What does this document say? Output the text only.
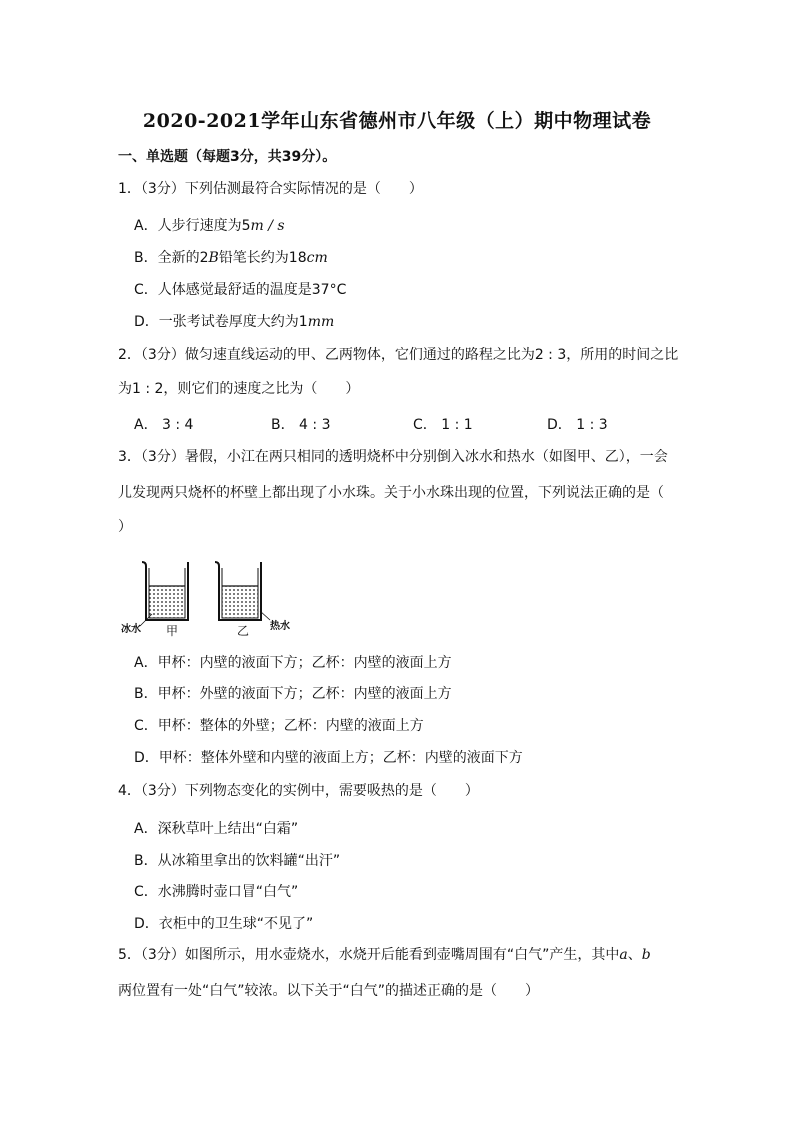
2020-2021学年山东省德州市八年级（上）期中物理试卷
一、单选题（每题3分，共39分）。
1．（3分）下列估测最符合实际情况的是（　　）
A．人步行速度为5m / s
B．全新的2B铅笔长约为18cm
C．人体感觉最舒适的温度是37°C
D．一张考试卷厚度大约为1mm
2．（3分）做匀速直线运动的甲、乙两物体，它们通过的路程之比为2 : 3，所用的时间之比
为1 : 2，则它们的速度之比为（　　）
A． 3 : 4	B． 4 : 3	C． 1 : 1	D． 1 : 3
3．（3分）暑假，小江在两只相同的透明烧杯中分别倒入冰水和热水（如图甲、乙），一会
儿发现两只烧杯的杯壁上都出现了小水珠。关于小水珠出现的位置，下列说法正确的是（
）
冰水 甲	乙 热水
A．甲杯：内壁的液面下方；乙杯：内壁的液面上方
B．甲杯：外壁的液面下方；乙杯：内壁的液面上方
C．甲杯：整体的外壁；乙杯：内壁的液面上方
D．甲杯：整体外壁和内壁的液面上方；乙杯：内壁的液面下方
4．（3分）下列物态变化的实例中，需要吸热的是（　　）
A．深秋草叶上结出“白霜”
B．从冰箱里拿出的饮料罐“出汗”
C．水沸腾时壶口冒“白气”
D．衣柜中的卫生球“不见了”
5．（3分）如图所示，用水壶烧水，水烧开后能看到壶嘴周围有“白气”产生，其中a、b
两位置有一处“白气”较浓。以下关于“白气”的描述正确的是（　　）
